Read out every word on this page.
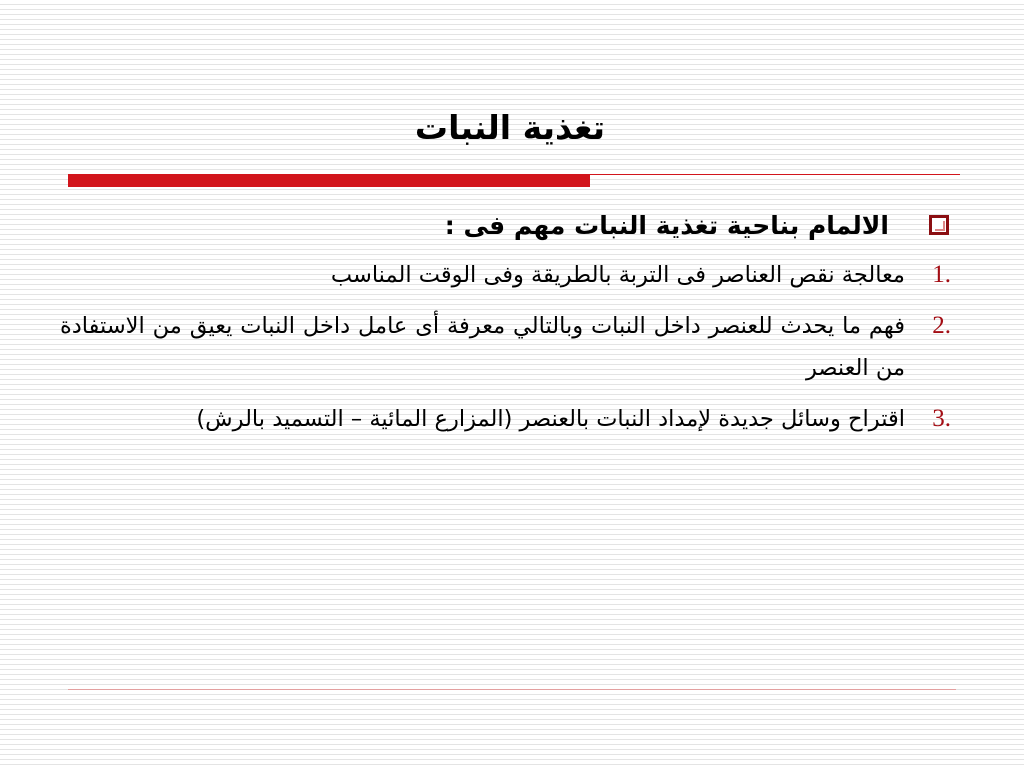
تغذية النبات
الالمام بناحية تغذية النبات مهم فى :
1.
معالجة نقص العناصر فى التربة بالطريقة وفى الوقت المناسب
2.
فهم ما يحدث للعنصر داخل النبات وبالتالي معرفة أى عامل داخل النبات يعيق من الاستفادة من العنصر
3.
اقتراح وسائل جديدة لإمداد النبات بالعنصر (المزارع المائية – التسميد بالرش)
